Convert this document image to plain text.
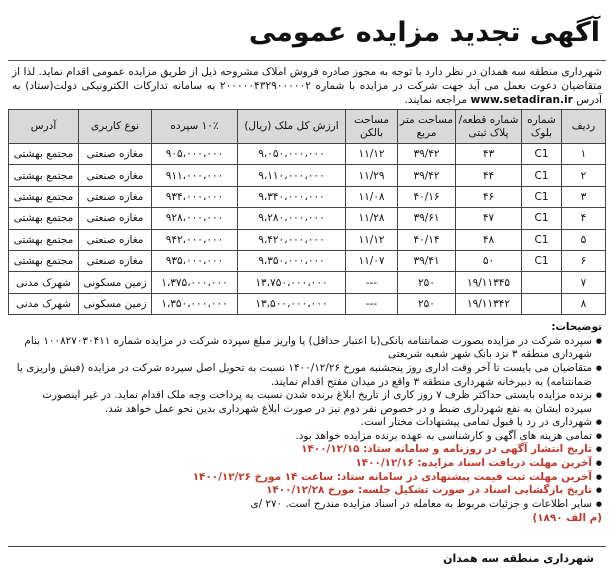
آگهی تجدید مزایده عمومی
شهرداری منطقه سه همدان در نظر دارد با توجه به مجوز صادره فروش املاک مشروحه ذیل از طریق مزایده عمومی اقدام نماید. لذا از متقاضیان دعوت بعمل می آید جهت شرکت در مزایده با شماره ۲۰۰۰۰۰۴۳۲۹۰۰۰۰۰۲ به سامانه تدارکات الکترونیکی دولت(ستاد) به آدرس www.setadiran.ir مراجعه نمایند.
ردیف	شماره بلوک	شماره قطعه/ پلاک ثبتی	مساحت متر مربع	مساحت بالکن	ارزش کل ملک (ریال)	۱۰٪ سپرده	نوع کاربری	آدرس
۱	C1	۴۳	۳۹/۴۲	۱۱/۱۲	۹،۰۵۰،۰۰۰،۰۰۰	۹۰۵،۰۰۰،۰۰۰	مغازه صنعتی	مجتمع بهشتی
۲	C1	۴۴	۳۹/۴۲	۱۱/۲۹	۹،۱۱۰،۰۰۰،۰۰۰	۹۱۱،۰۰۰،۰۰۰	مغازه صنعتی	مجتمع بهشتی
۳	C1	۴۶	۴۰/۱۶	۱۱/۰۸	۹،۳۴۰،۰۰۰،۰۰۰	۹۳۴،۰۰۰،۰۰۰	مغازه صنعتی	مجتمع بهشتی
۴	C1	۴۷	۳۹/۶۱	۱۱/۲۸	۹،۲۸۰،۰۰۰،۰۰۰	۹۲۸،۰۰۰،۰۰۰	مغازه صنعتی	مجتمع بهشتی
۵	C1	۴۸	۴۰/۱۴	۱۱/۱۲	۹،۴۲۰،۰۰۰،۰۰۰	۹۴۲،۰۰۰،۰۰۰	مغازه صنعتی	مجتمع بهشتی
۶	C1	۵۰	۳۹/۴۱	۱۱/۰۷	۹،۳۵۰،۰۰۰،۰۰۰	۹۳۵،۰۰۰،۰۰۰	مغازه صنعتی	مجتمع بهشتی
۷		۱۹/۱۱۳۴۵	۲۵۰	---	۱۳،۷۵۰،۰۰۰،۰۰۰	۱،۳۷۵،۰۰۰،۰۰۰	زمین مسکونی	شهرک مدنی
۸		۱۹/۱۱۳۴۲	۲۵۰	---	۱۳،۵۰۰،۰۰۰،۰۰۰	۱،۳۵۰،۰۰۰،۰۰۰	زمین مسکونی	شهرک مدنی
توضیحات:
● سپرده شرکت در مزایده بصورت ضمانتنامه بانکی(با اعتبار حداقل) یا واریز مبلغ سپرده شرکت در مزایده شماره ۱۰۰۸۲۷۰۳۰۴۱۱ بنام شهرداری منطقه ۳ نزد بانک شهر شعبه شریعتی
● متقاضیان می بایست تا آخر وقت اداری روز پنجشنبه مورخ ۱۴۰۰/۱۲/۲۶ نسبت به تحویل اصل سپرده شرکت در مزایده (فیش واریزی یا ضمانتنامه) به دبیرخانه شهرداری منطقه ۳ واقع در میدان مفتح اقدام نمایند.
● برنده مزایده بایستی حداکثر ظرف ۷ روز کاری از تاریخ ابلاغ برنده شدن نسبت به پرداخت وجه ملک اقدام نماید. در غیر اینصورت سپرده ایشان به نفع شهرداری ضبط و در خصوص نفر دوم نیز در صورت ابلاغ شهرداری بدین نحو عمل خواهد شد.
● شهرداری در رد یا قبول تمامی پیشنهادات مختار است.
● تمامی هزینه های آگهی و کارشناسی به عهده برنده مزایده خواهد بود.
● تاریخ انتشار آگهی در روزنامه و سامانه ستاد: ۱۴۰۰/۱۲/۱۵
● آخرین مهلت دریافت اسناد مزایده: ۱۴۰۰/۱۲/۱۶
● آخرین مهلت ثبت قیمت پیشنهادی در سامانه ستاد: ساعت ۱۴ مورخ ۱۴۰۰/۱۲/۲۶
● تاریخ بازگشایی اسناد در صورت تشکیل جلسه: مورخ ۱۴۰۰/۱۲/۲۸
● سایر اطلاعات و جزئیات مربوط به معامله در اسناد مزایده مندرج است. ۲۷۰ /ی
(م الف ۱۸۹۰)
شهرداری منطقه سه همدان
